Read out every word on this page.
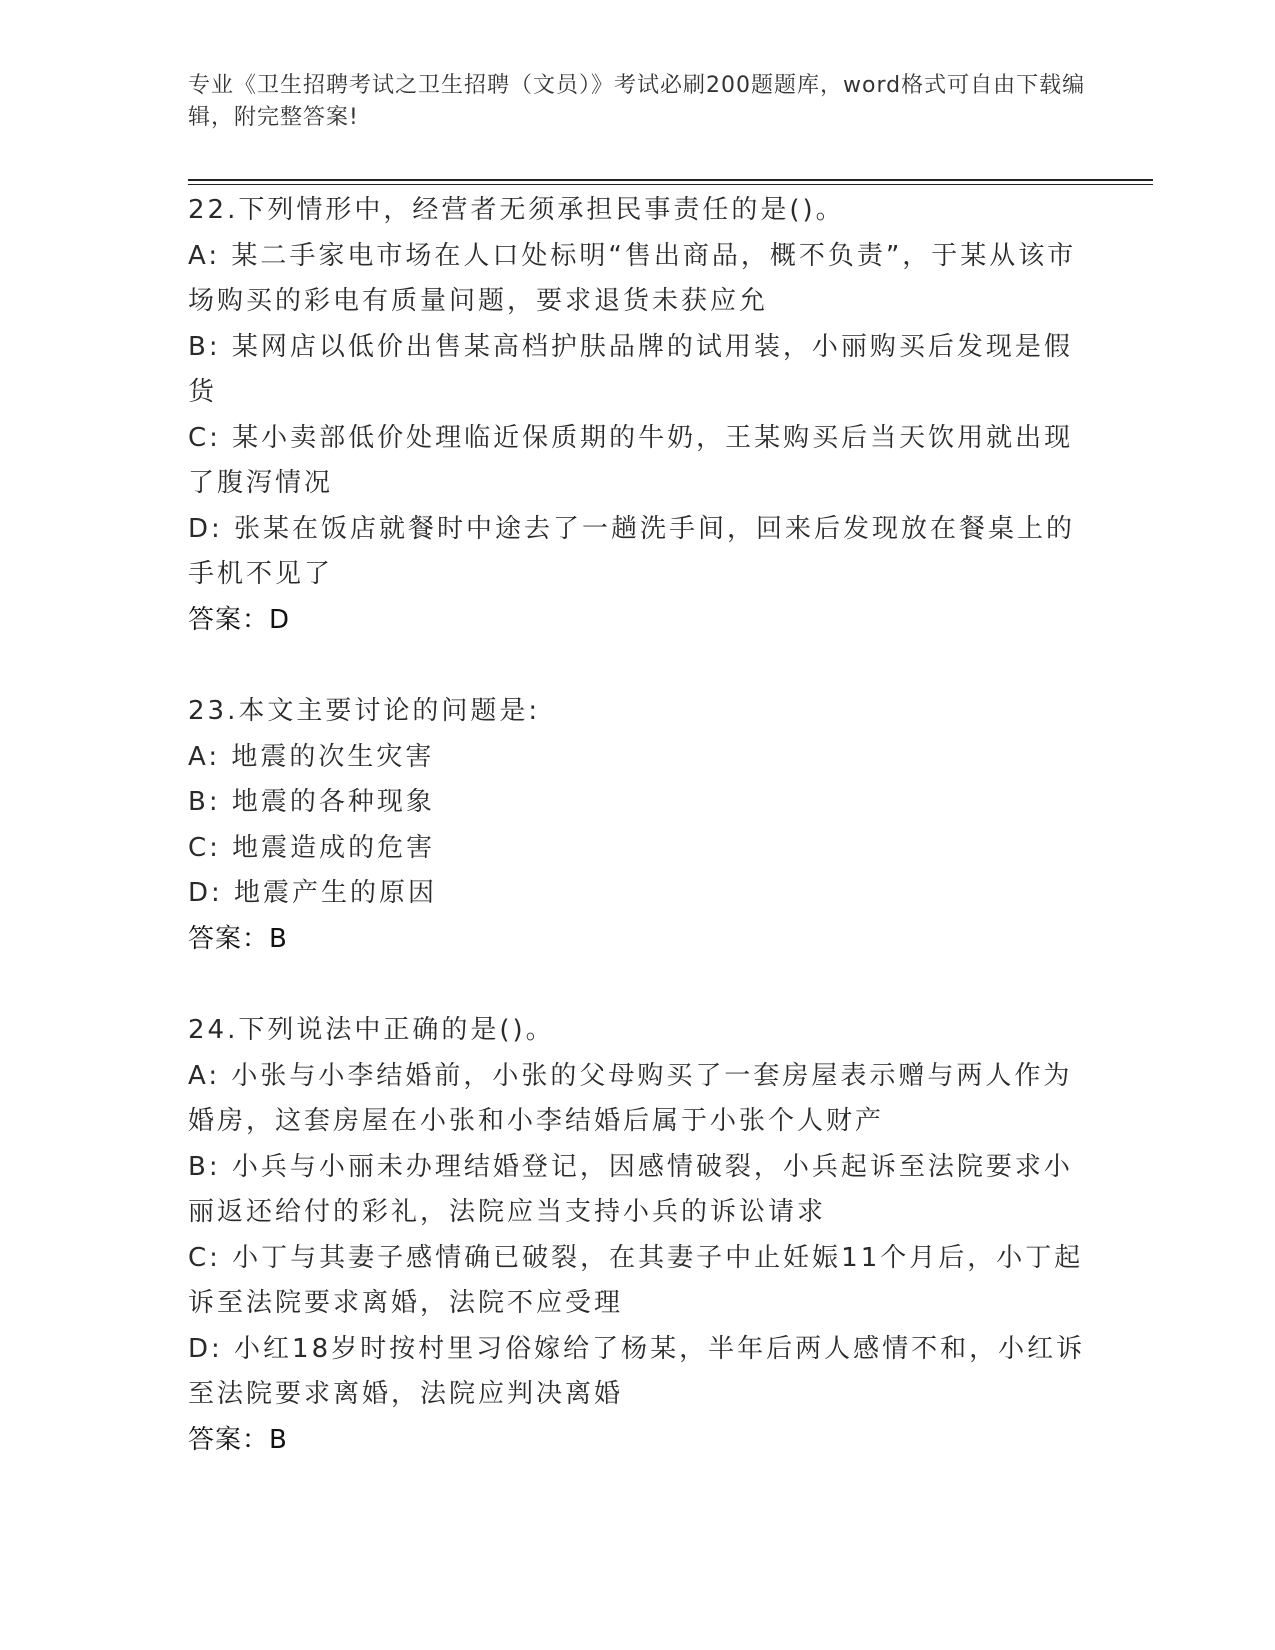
专业《卫生招聘考试之卫生招聘（文员）》考试必刷200题题库，word格式可自由下载编辑，附完整答案!

22.下列情形中，经营者无须承担民事责任的是()。

A: 某二手家电市场在人口处标明“售出商品，概不负责”，于某从该市场购买的彩电有质量问题，要求退货未获应允

B: 某网店以低价出售某高档护肤品牌的试用装，小丽购买后发现是假货

C: 某小卖部低价处理临近保质期的牛奶，王某购买后当天饮用就出现了腹泻情况

D: 张某在饭店就餐时中途去了一趟洗手间，回来后发现放在餐桌上的手机不见了

答案：D

23.本文主要讨论的问题是:

A: 地震的次生灾害

B: 地震的各种现象

C: 地震造成的危害

D: 地震产生的原因

答案：B

24.下列说法中正确的是()。

A: 小张与小李结婚前，小张的父母购买了一套房屋表示赠与两人作为婚房，这套房屋在小张和小李结婚后属于小张个人财产

B: 小兵与小丽未办理结婚登记，因感情破裂，小兵起诉至法院要求小丽返还给付的彩礼，法院应当支持小兵的诉讼请求

C: 小丁与其妻子感情确已破裂，在其妻子中止妊娠11个月后，小丁起诉至法院要求离婚，法院不应受理

D: 小红18岁时按村里习俗嫁给了杨某，半年后两人感情不和，小红诉至法院要求离婚，法院应判决离婚

答案：B
